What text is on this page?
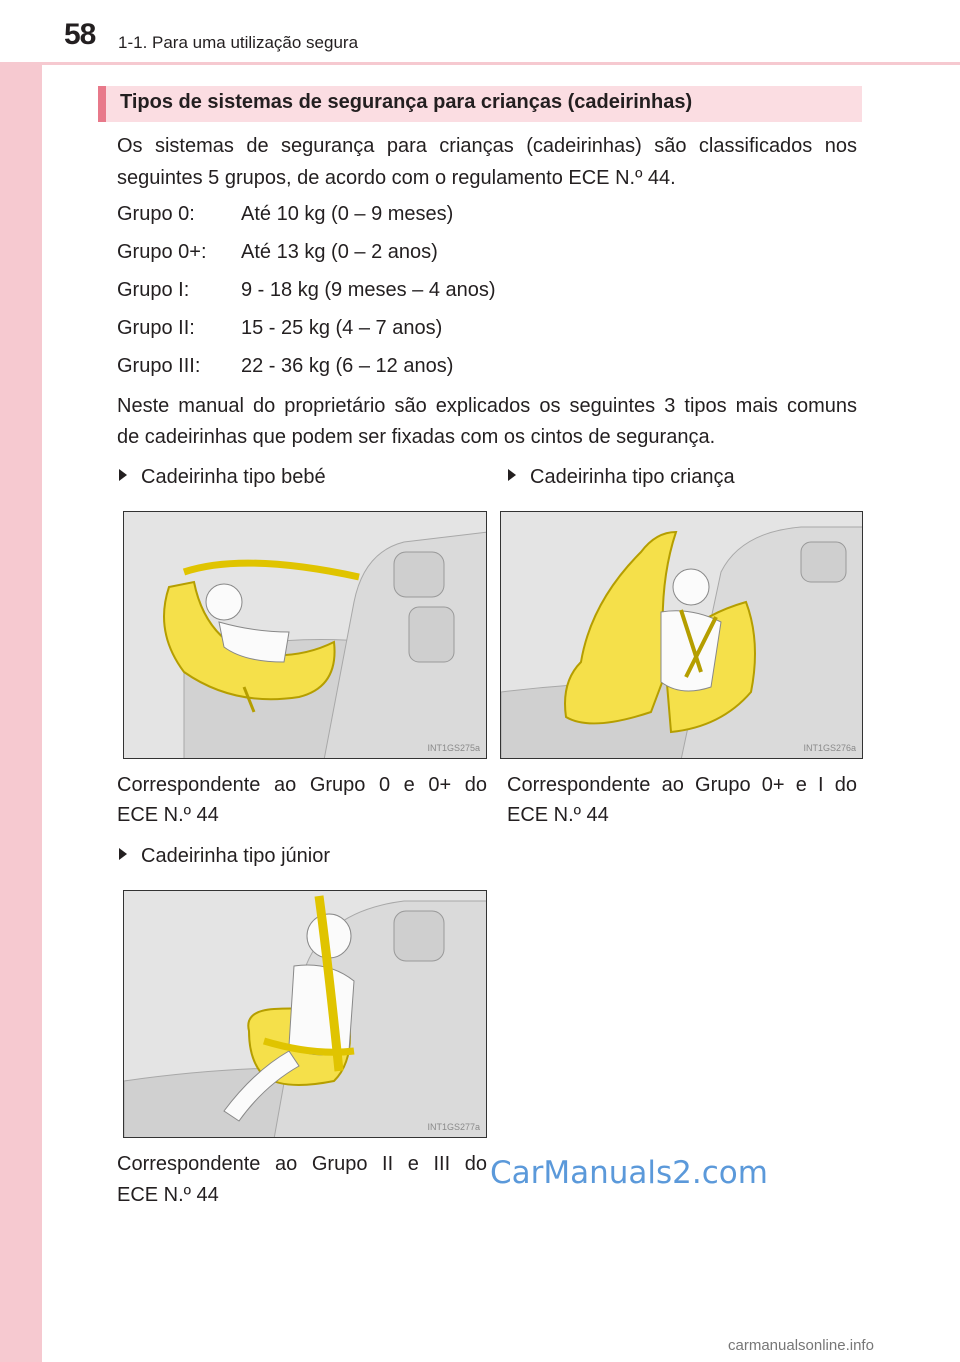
58 1-1. Para uma utilização segura
Tipos de sistemas de segurança para crianças (cadeirinhas)
Os sistemas de segurança para crianças (cadeirinhas) são classificados nos
seguintes 5 grupos, de acordo com o regulamento ECE N.º 44.
Grupo 0: Até 10 kg (0 – 9 meses)
Grupo 0+: Até 13 kg (0 – 2 anos)
Grupo I:	9 - 18 kg (9 meses – 4 anos)
Grupo II: 15 - 25 kg (4 – 7 anos)
Grupo III: 22 - 36 kg (6 – 12 anos)
Neste manual do proprietário são explicados os seguintes 3 tipos mais comuns
de cadeirinhas que podem ser fixadas com os cintos de segurança.
Cadeirinha tipo bebé
INT1GS275a
Correspondente ao Grupo 0 e 0+ do
ECE N.º 44
Cadeirinha tipo criança
INT1GS276a
Correspondente ao Grupo 0+ e I do
ECE N.º 44
Cadeirinha tipo júnior
INT1GS277a
Correspondente ao Grupo II e III do
ECE N.º 44
CarManuals2.com
carmanualsonline.info
